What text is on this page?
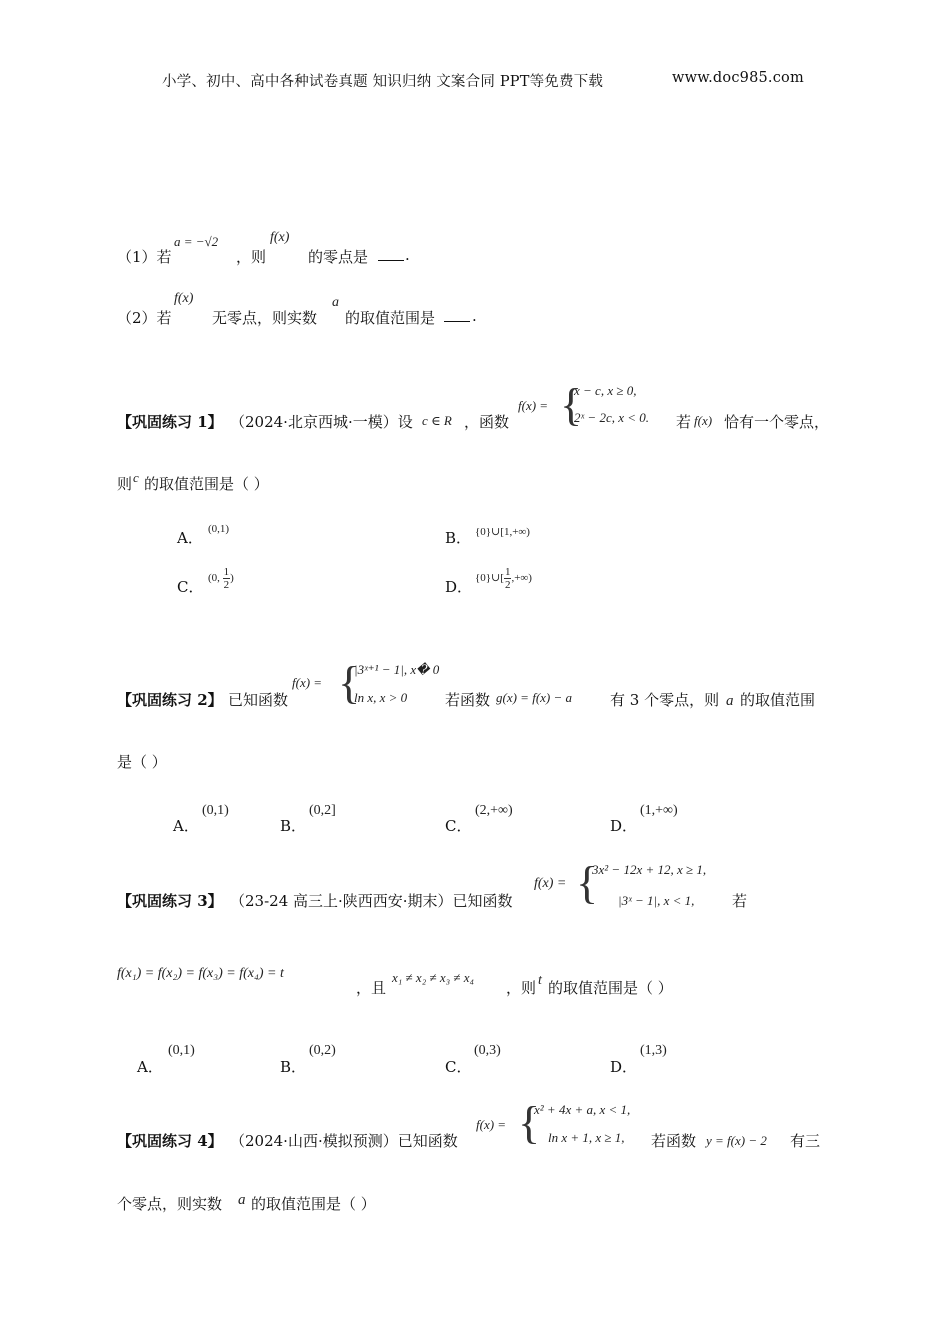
小学、初中、高中各种试卷真题 知识归纳 文案合同 PPT等免费下载	www.doc985.com
（1）若
a = −√2
，则
f(x)
的零点是 .
（2）若
f(x)
无零点，则实数
a
的取值范围是 .
【巩固练习 1】 （2024·北京西城·一模）设 c ∈ R ，函数
f(x) = {
x − c, x ≥ 0,
2ˣ − 2c, x < 0. 若 f(x) 恰有一个零点，
则 c 的取值范围是（ ）
A． (0,1)	B． {0}∪[1,+∞)
C． (0, $\frac{1}{2}$ )	D． {0}∪[ $\frac{1}{2}$ ,+∞)
【巩固练习 2】 已知函数
f(x) = {
|3ˣ⁺¹ − 1|, x� 0
ln x, x > 0	若函数 g(x) = f(x) − a	有 3 个零点，则 a 的取值范围
是（ ）
A．
(0,1)
B．
(0,2]
C．
(2,+∞)
D．
(1,+∞)
【巩固练习 3】 （23-24 高三上·陕西西安·期末）已知函数
f(x) = {
3x² − 12x + 12, x ≥ 1,
|3ˣ − 1|, x < 1,	若
f(x₁) = f(x₂) = f(x₃) = f(x₄) = t
，且
x₁ ≠ x₂ ≠ x₃ ≠ x₄
，则 t 的取值范围是（ ）
A．
(0,1)
B．
(0,2)
C．
(0,3)
D．
(1,3)
【巩固练习 4】 （2024·山西·模拟预测）已知函数
f(x) = {
x² + 4x + a, x < 1,
ln x + 1, x ≥ 1, 若函数 y = f(x) − 2 有三
个零点，则实数 a 的取值范围是（ ）
